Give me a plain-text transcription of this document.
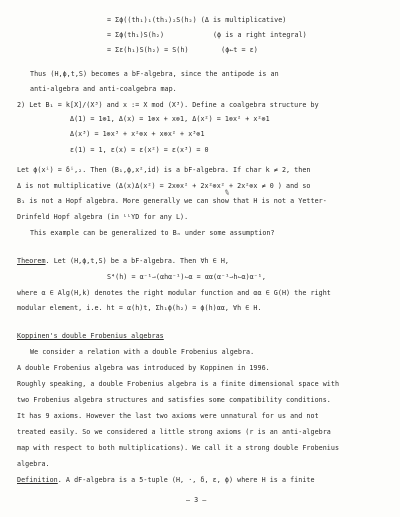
= Σϕ((th₁)₁(th₁)₂S(h₂) (Δ is multiplicative)
= Σϕ(th₁)S(h₂)            (ϕ is a right integral)
= Σε(h₁)S(h₂) = S(h)        (ϕ←t = ε)
Thus (H,ϕ,t,S) becomes a bF-algebra, since the antipode is an
anti-algebra and anti-coalgebra map.
2) Let B₁ = k[X]/(X³) and x := X mod (X³). Define a coalgebra structure by
Δ(1) = 1⊗1, Δ(x) = 1⊗x + x⊗1, Δ(x²) = 1⊗x² + x²⊗1
Δ(x³) = 1⊗x³ + x²⊗x + x⊗x² + x³⊗1
ε(1) = 1, ε(x) = ε(x²) = ε(x³) = 0
Let ϕ(xⁱ) = δⁱ,₂. Then (B₁,ϕ,x²,id) is a bF-algebra. If char k ≠ 2, then
Δ is not multiplicative (Δ(x)Δ(x²) = 2x⊗x² + 2x²⊗x² + 2x²⊗x ≠ 0 ) and so
B₁ is not a Hopf algebra. More generally we can show that H is not a Yetter-
Drinfeld Hopf algebra (in ᴸᴸYD for any L).
✎
This example can be generalized to Bₙ under some assumption?
Theorem. Let (H,ϕ,t,S) be a bF-algebra. Then ∀h ∈ H,
S⁴(h) = α⁻¹⇀(αhα⁻¹)↼α = αα(α⁻¹⇀h↼α)α⁻¹,
where α ∈ Alg(H,k) denotes the right modular function and αα ∈ G(H) the right
modular element, i.e. ht = α(h)t, Σh₁ϕ(h₂) = ϕ(h)αα, ∀h ∈ H.
Koppinen's double Frobenius algebras
We consider a relation with a double Frobenius algebra.
A double Frobenius algebra was introduced by Koppinen in 1996.
Roughly speaking, a double Frobenius algebra is a finite dimensional space with
two Frobenius algebra structures and satisfies some compatibility conditions.
It has 9 axioms. However the last two axioms were unnatural for us and not
treated easily. So we considered a little strong axioms (r is an anti-algebra
map with respect to both multiplications). We call it a strong double Frobenius
algebra.
Definition. A dF-algebra is a 5-tuple (H, ·, δ, ε, ϕ) where H is a finite
— 3 —
